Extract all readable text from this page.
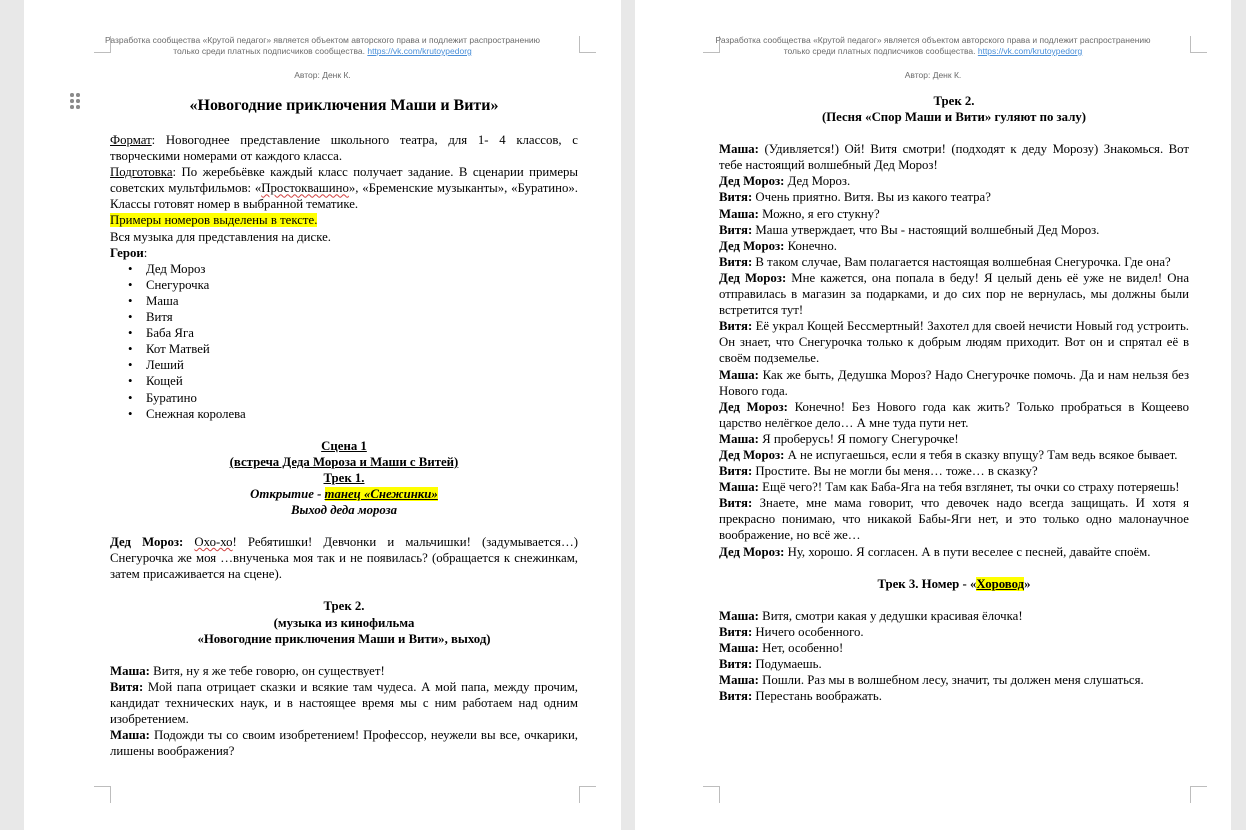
Разработка сообщества «Крутой педагог» является объектом авторского права и подлежит распространению
только среди платных подписчиков сообщества. https://vk.com/krutoypedorg
Автор: Денк К.
«Новогодние приключения Маши и Вити»

Формат: Новогоднее представление школьного театра, для 1- 4 классов, с творческими номерами от каждого класса.

Подготовка: По жеребьёвке каждый класс получает задание. В сценарии примеры советских мультфильмов: «Простоквашино», «Бременские музыканты», «Буратино». Классы готовят номер в выбранной тематике.

Примеры номеров выделены в тексте.

Вся музыка для представления на диске.

Герои:

• Дед Мороз
• Снегурочка
• Маша
• Витя
• Баба Яга
• Кот Матвей
• Леший
• Кощей
• Буратино
• Снежная королева

Сцена 1

(встреча Деда Мороза и Маши с Витей)

Трек 1.

Открытие - танец «Снежинки»

Выход деда мороза

Дед Мороз: Охо-хо! Ребятишки! Девчонки и мальчишки! (задумывается…) Снегурочка же моя …внученька моя так и не появилась? (обращается к снежинкам, затем присаживается на сцене).

Трек 2.

(музыка из кинофильма

«Новогодние приключения Маши и Вити», выход)

Маша: Витя, ну я же тебе говорю, он существует!

Витя: Мой папа отрицает сказки и всякие там чудеса. А мой папа, между прочим, кандидат технических наук, и в настоящее время мы с ним работаем над одним изобретением.

Маша: Подожди ты со своим изобретением! Профессор, неужели вы все, очкарики, лишены воображения?

Разработка сообщества «Крутой педагог» является объектом авторского права и подлежит распространению
только среди платных подписчиков сообщества. https://vk.com/krutoypedorg
Автор: Денк К.

Трек 2.

(Песня «Спор Маши и Вити» гуляют по залу)

Маша: (Удивляется!) Ой! Витя смотри! (подходят к деду Морозу) Знакомься. Вот тебе настоящий волшебный Дед Мороз!

Дед Мороз: Дед Мороз.

Витя: Очень приятно. Витя. Вы из какого театра?

Маша: Можно, я его стукну?

Витя: Маша утверждает, что Вы - настоящий волшебный Дед Мороз.

Дед Мороз: Конечно.

Витя: В таком случае, Вам полагается настоящая волшебная Снегурочка. Где она?

Дед Мороз: Мне кажется, она попала в беду! Я целый день её уже не видел! Она отправилась в магазин за подарками, и до сих пор не вернулась, мы должны были встретится тут!

Витя: Её украл Кощей Бессмертный! Захотел для своей нечисти Новый год устроить. Он знает, что Снегурочка только к добрым людям приходит. Вот он и спрятал её в своём подземелье.

Маша: Как же быть, Дедушка Мороз? Надо Снегурочке помочь. Да и нам нельзя без Нового года.

Дед Мороз: Конечно! Без Нового года как жить? Только пробраться в Кощеево царство нелёгкое дело… А мне туда пути нет.

Маша: Я проберусь! Я помогу Снегурочке!

Дед Мороз: А не испугаешься, если я тебя в сказку впущу? Там ведь всякое бывает.

Витя: Простите. Вы не могли бы меня… тоже… в сказку?

Маша: Ещё чего?! Там как Баба-Яга на тебя взглянет, ты очки со страху потеряешь!

Витя: Знаете, мне мама говорит, что девочек надо всегда защищать. И хотя я прекрасно понимаю, что никакой Бабы-Яги нет, и это только одно малонаучное воображение, но всё же…

Дед Мороз: Ну, хорошо. Я согласен. А в пути веселее с песней, давайте споём.

Трек 3. Номер - «Хоровод»

Маша: Витя, смотри какая у дедушки красивая ёлочка!

Витя: Ничего особенного.

Маша: Нет, особенно!

Витя: Подумаешь.

Маша: Пошли. Раз мы в волшебном лесу, значит, ты должен меня слушаться.

Витя: Перестань воображать.
